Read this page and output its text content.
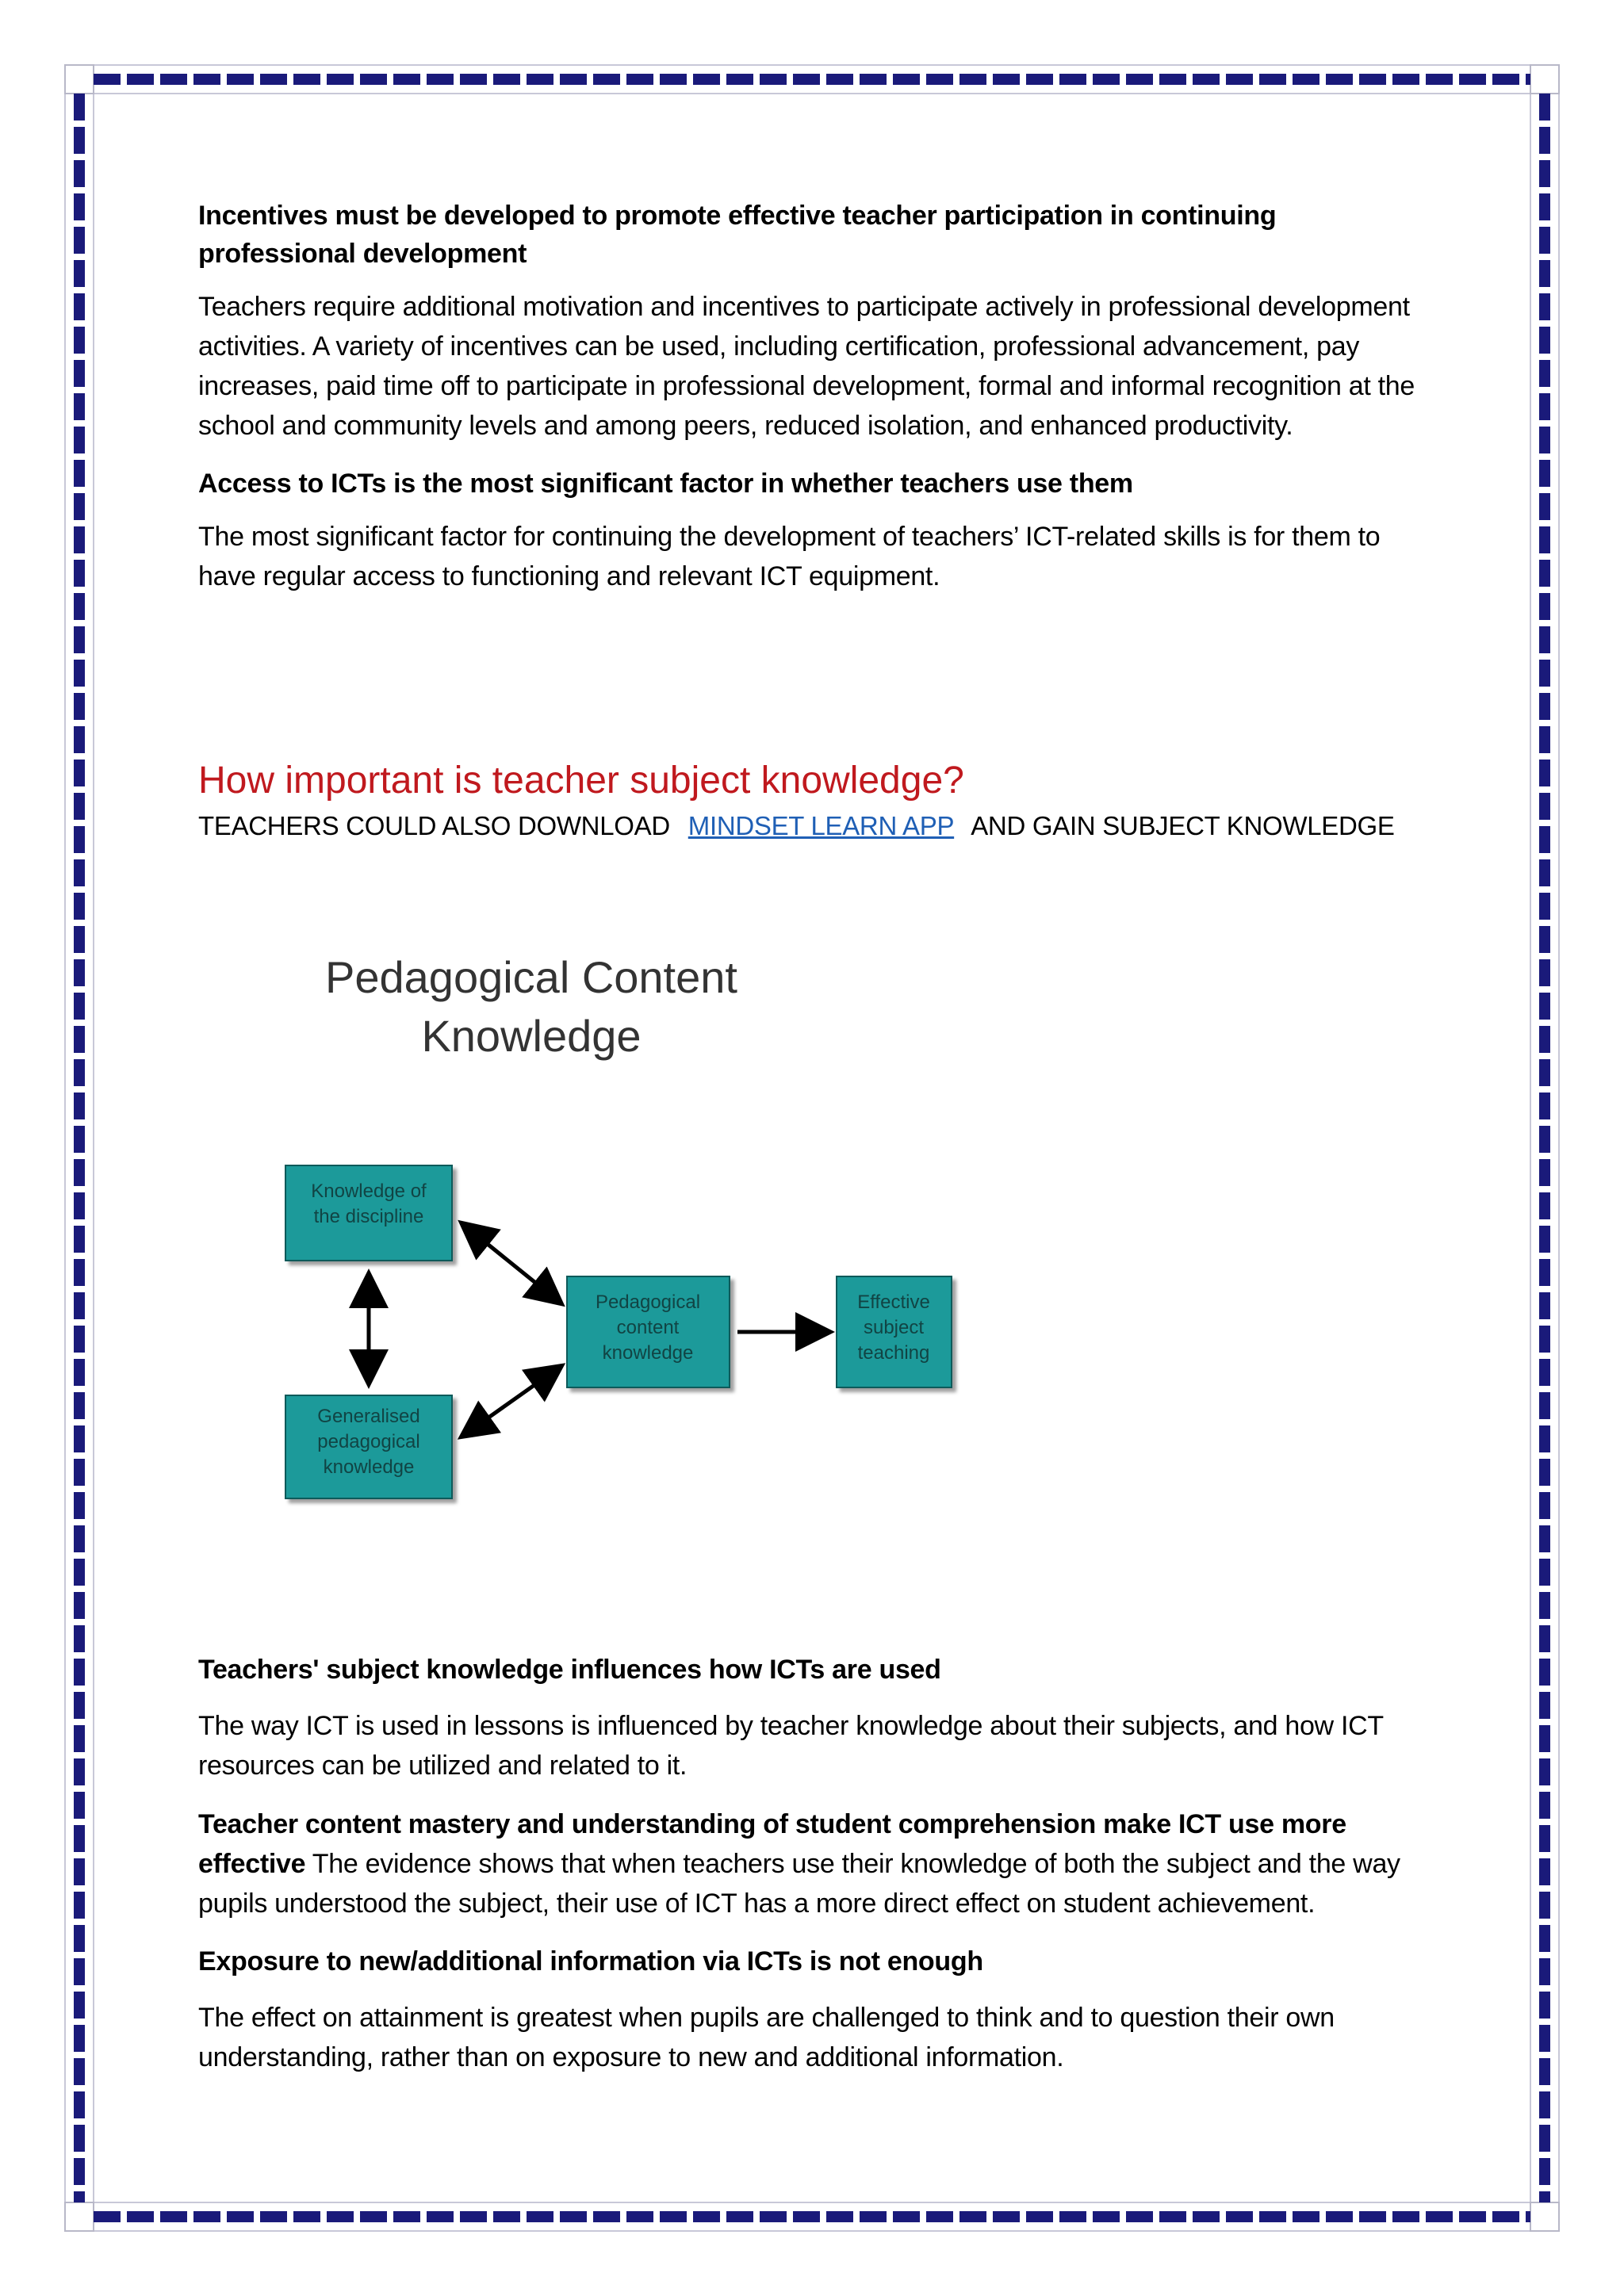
Incentives must be developed to promote effective teacher participation in continuing professional development

Teachers require additional motivation and incentives to participate actively in professional development activities. A variety of incentives can be used, including certification, professional advancement, pay increases, paid time off to participate in professional development, formal and informal recognition at the school and community levels and among peers, reduced isolation, and enhanced productivity.

Access to ICTs is the most significant factor in whether teachers use them

The most significant factor for continuing the development of teachers’ ICT-related skills is for them to have regular access to functioning and relevant ICT equipment.

How important is teacher subject knowledge?
TEACHERS COULD ALSO DOWNLOAD MINDSET LEARN APP AND GAIN SUBJECT KNOWLEDGE
Pedagogical Content
Knowledge
Knowledge of
the discipline
Generalised
pedagogical
knowledge
Pedagogical
content
knowledge
Effective
subject
teaching

Teachers' subject knowledge influences how ICTs are used

The way ICT is used in lessons is influenced by teacher knowledge about their subjects, and how ICT resources can be utilized and related to it.

Teacher content mastery and understanding of student comprehension make ICT use more effective The evidence shows that when teachers use their knowledge of both the subject and the way pupils understood the subject, their use of ICT has a more direct effect on student achievement.

Exposure to new/additional information via ICTs is not enough

The effect on attainment is greatest when pupils are challenged to think and to question their own understanding, rather than on exposure to new and additional information.
